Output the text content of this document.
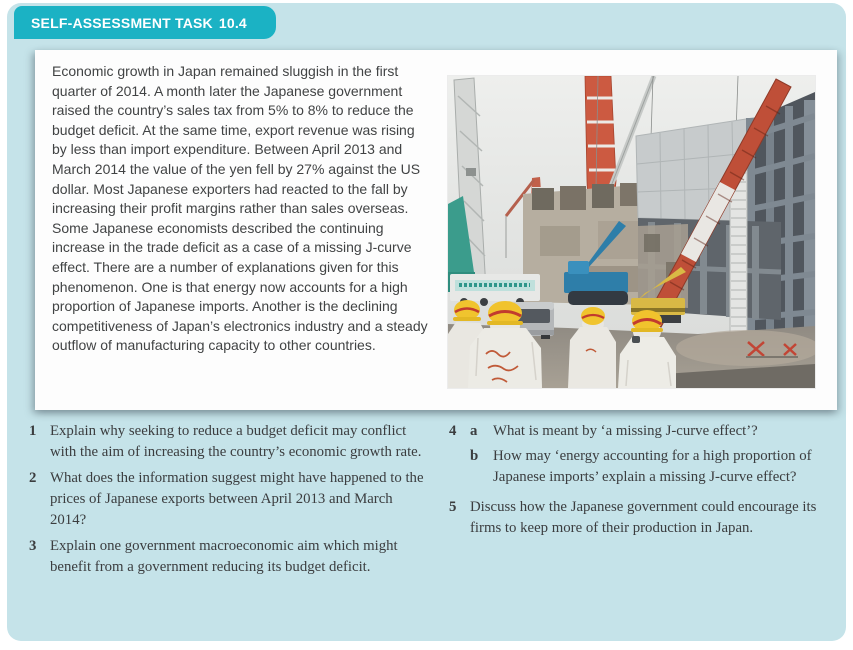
SELF-ASSESSMENT TASK 10.4

Economic growth in Japan remained sluggish in the first quarter of 2014. A month later the Japanese government raised the country’s sales tax from 5% to 8% to reduce the budget deficit. At the same time, export revenue was rising by less than import expenditure. Between April 2013 and March 2014 the value of the yen fell by 27% against the US dollar. Most Japanese exporters had reacted to the fall by increasing their profit margins rather than sales overseas. Some Japanese economists described the continuing increase in the trade deficit as a case of a missing J-curve effect. There are a number of explanations given for this phenomenon. One is that energy now accounts for a high proportion of Japanese imports. Another is the declining competitiveness of Japan’s electronics industry and a steady outflow of manufacturing capacity to other countries.

1 Explain why seeking to reduce a budget deficit may conflict with the aim of increasing the country’s economic growth rate.
2 What does the information suggest might have happened to the prices of Japanese exports between April 2013 and March 2014?
3 Explain one government macroeconomic aim which might benefit from a government reducing its budget deficit.
4 a	What is meant by ‘a missing J-curve effect’?
b How may ‘energy accounting for a high proportion of Japanese imports’ explain a missing J-curve effect?
5 Discuss how the Japanese government could encourage its firms to keep more of their production in Japan.
